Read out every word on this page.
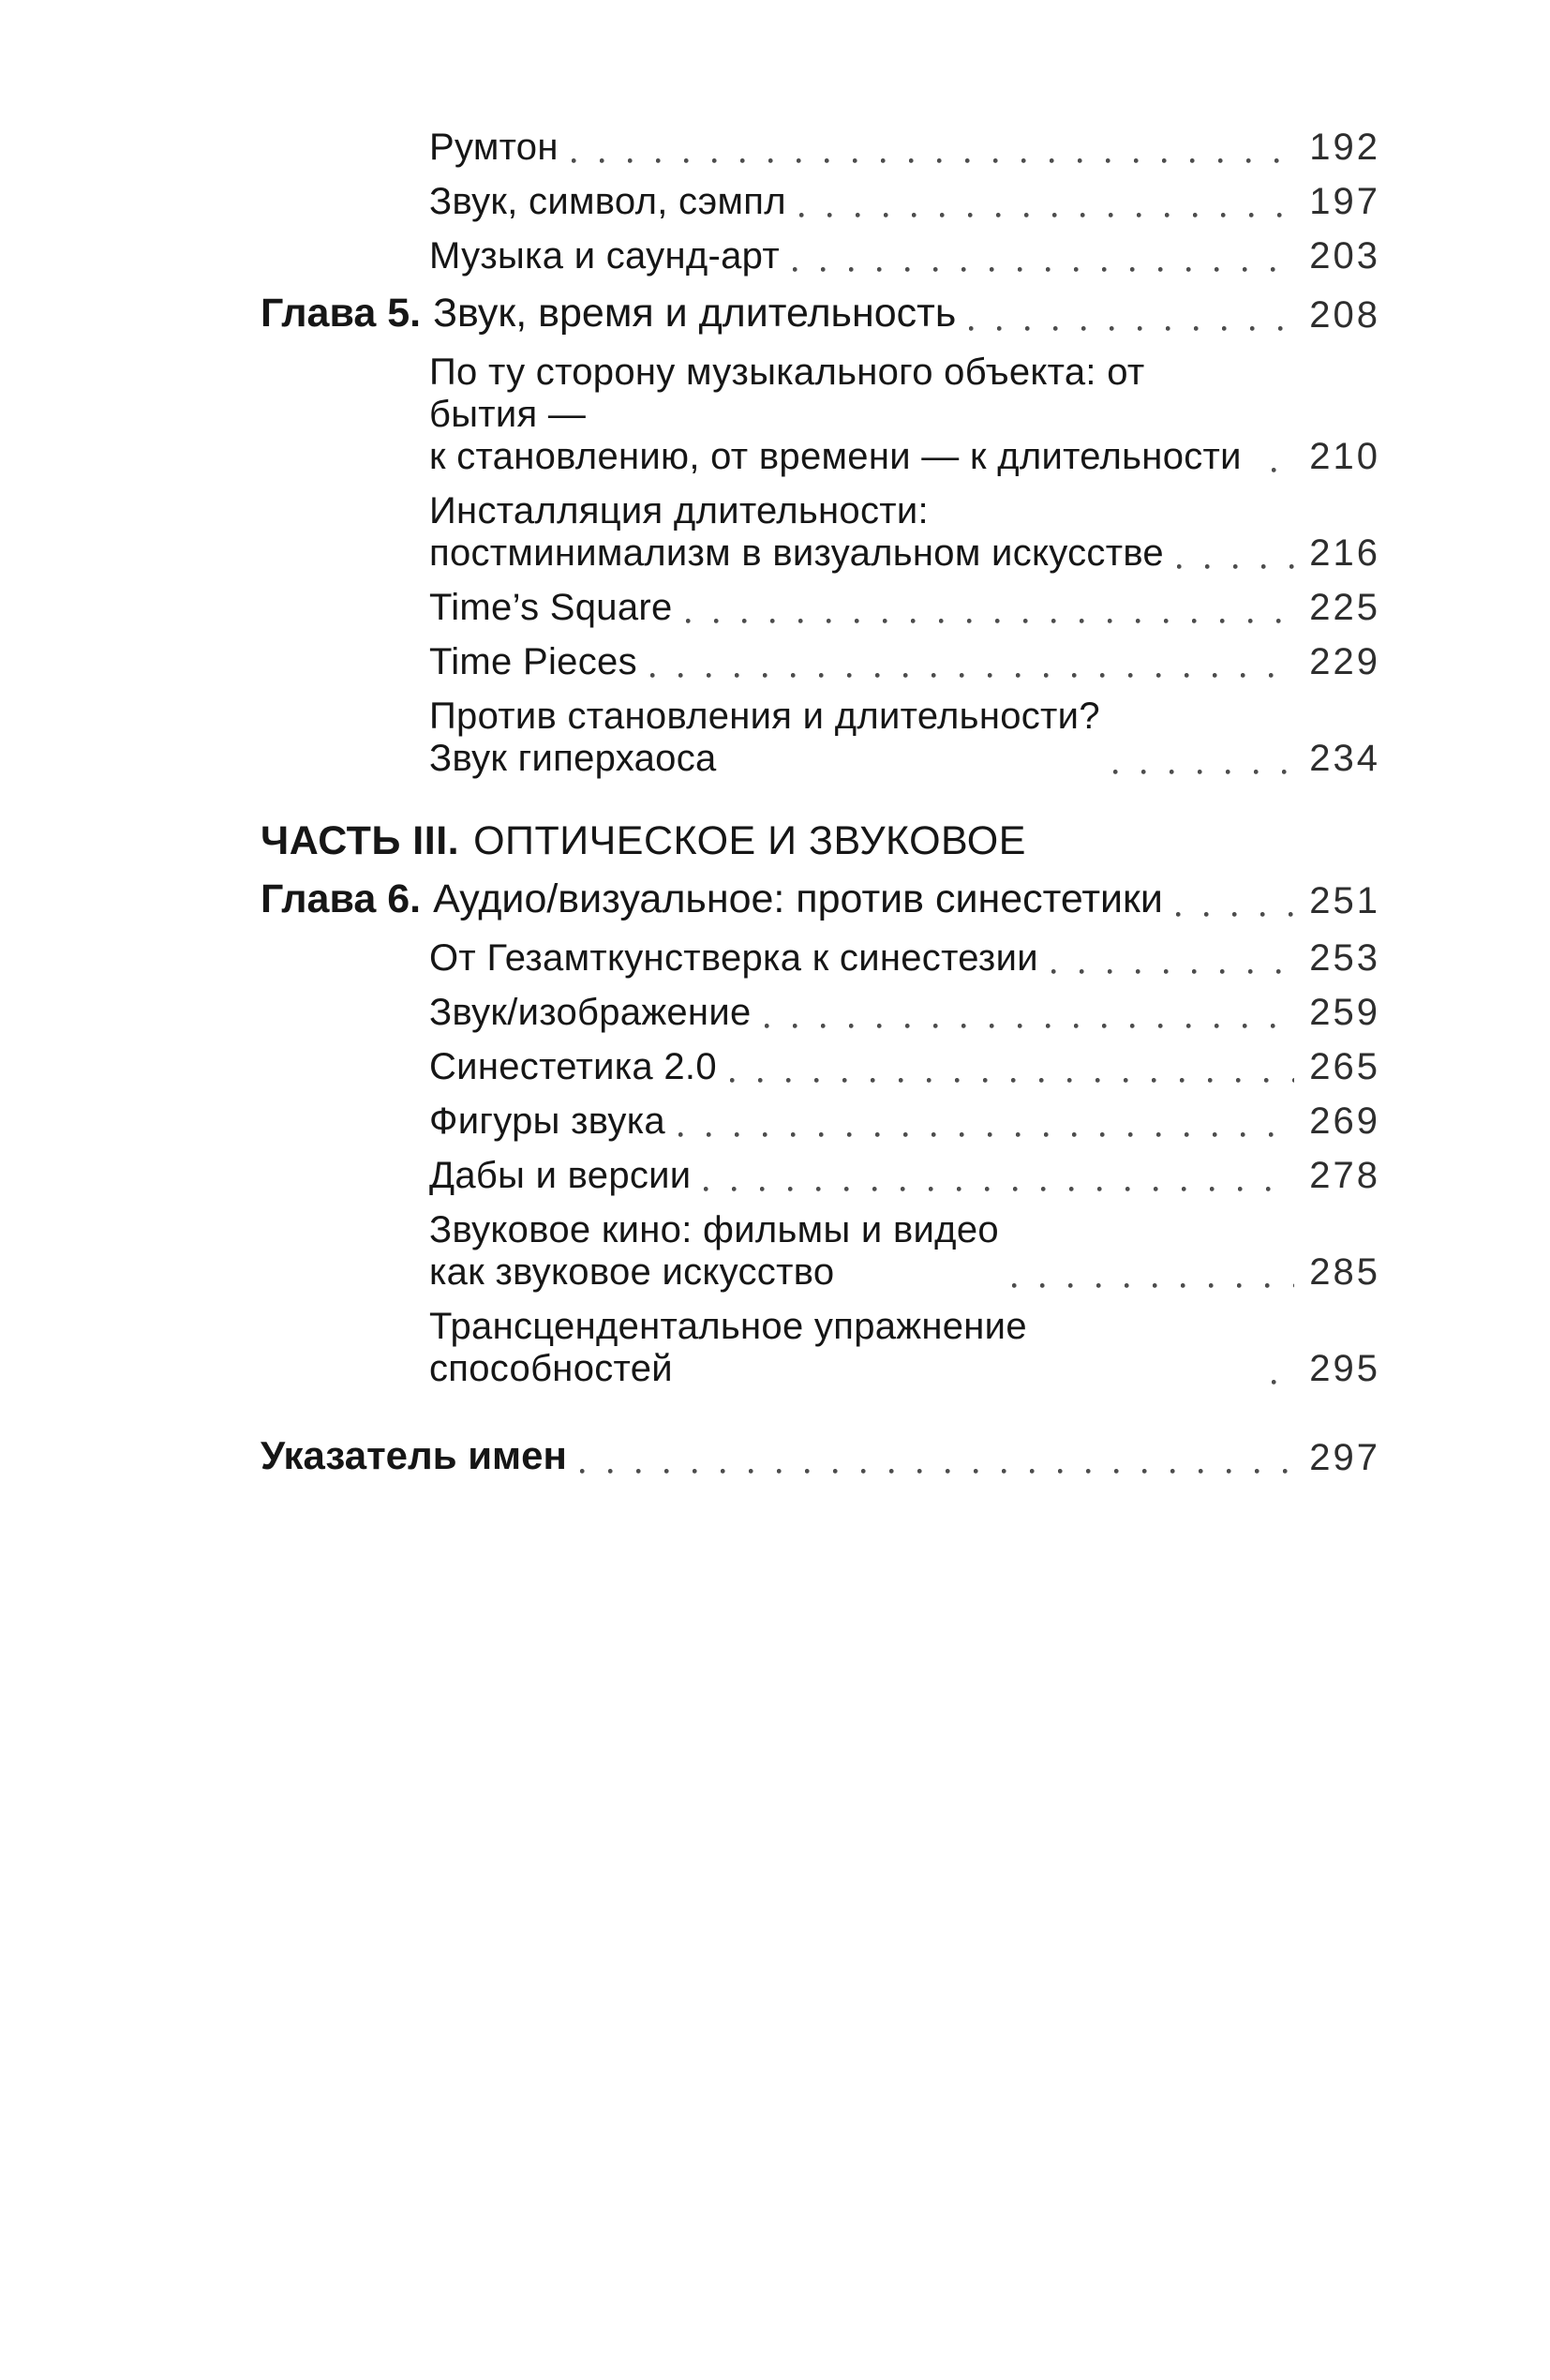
Румтон	192
Звук, символ, сэмпл	197
Музыка и саунд-арт	203
Глава 5. Звук, время и длительность	208
По ту сторону музыкального объекта: от бытия —
к становлению, от времени — к длительности	210
Инсталляция длительности:
постминимализм в визуальном искусстве	216
Time’s Square	225
Time Pieces	229
Против становления и длительности?
Звук гиперхаоса	234
ЧАСТЬ III. ОПТИЧЕСКОЕ И ЗВУКОВОЕ
Глава 6. Аудио/визуальное: против синестетики	251
От Гезамткунстверка к синестезии	253
Звук/изображение	259
Синестетика 2.0	265
Фигуры звука	269
Дабы и версии	278
Звуковое кино: фильмы и видео
как звуковое искусство	285
Трансцендентальное упражнение способностей	295
Указатель имен	297
